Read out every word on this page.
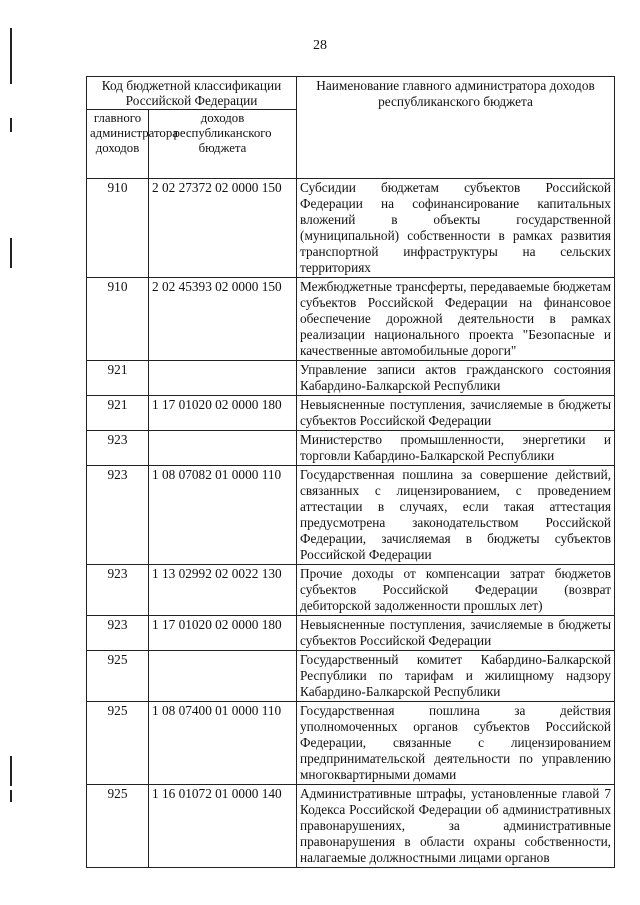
28
Код бюджетной классификации Российской Федерации		Наименование главного администратора доходов республиканского бюджета
главного администратора доходов	доходов республиканского бюджета	
910	2 02 27372 02 0000 150	Субсидии бюджетам субъектов Российской Федерации на софинансирование капитальных вложений в объекты государственной (муниципальной) собственности в рамках развития транспортной инфраструктуры на сельских территориях
910	2 02 45393 02 0000 150	Межбюджетные трансферты, передаваемые бюджетам субъектов Российской Федерации на финансовое обеспечение дорожной деятельности в рамках реализации национального проекта "Безопасные и качественные автомобильные дороги"
921		Управление записи актов гражданского состояния Кабардино-Балкарской Республики
921	1 17 01020 02 0000 180	Невыясненные поступления, зачисляемые в бюджеты субъектов Российской Федерации
923		Министерство промышленности, энергетики и торговли Кабардино-Балкарской Республики
923	1 08 07082 01 0000 110	Государственная пошлина за совершение действий, связанных с лицензированием, с проведением аттестации в случаях, если такая аттестация предусмотрена законодательством Российской Федерации, зачисляемая в бюджеты субъектов Российской Федерации
923	1 13 02992 02 0022 130	Прочие доходы от компенсации затрат бюджетов субъектов Российской Федерации (возврат дебиторской задолженности прошлых лет)
923	1 17 01020 02 0000 180	Невыясненные поступления, зачисляемые в бюджеты субъектов Российской Федерации
925		Государственный комитет Кабардино-Балкарской Республики по тарифам и жилищному надзору Кабардино-Балкарской Республики
925	1 08 07400 01 0000 110	Государственная пошлина за действия уполномоченных органов субъектов Российской Федерации, связанные с лицензированием предпринимательской деятельности по управлению многоквартирными домами
925	1 16 01072 01 0000 140	Административные штрафы, установленные главой 7 Кодекса Российской Федерации об административных правонарушениях, за административные правонарушения в области охраны собственности, налагаемые должностными лицами органов
